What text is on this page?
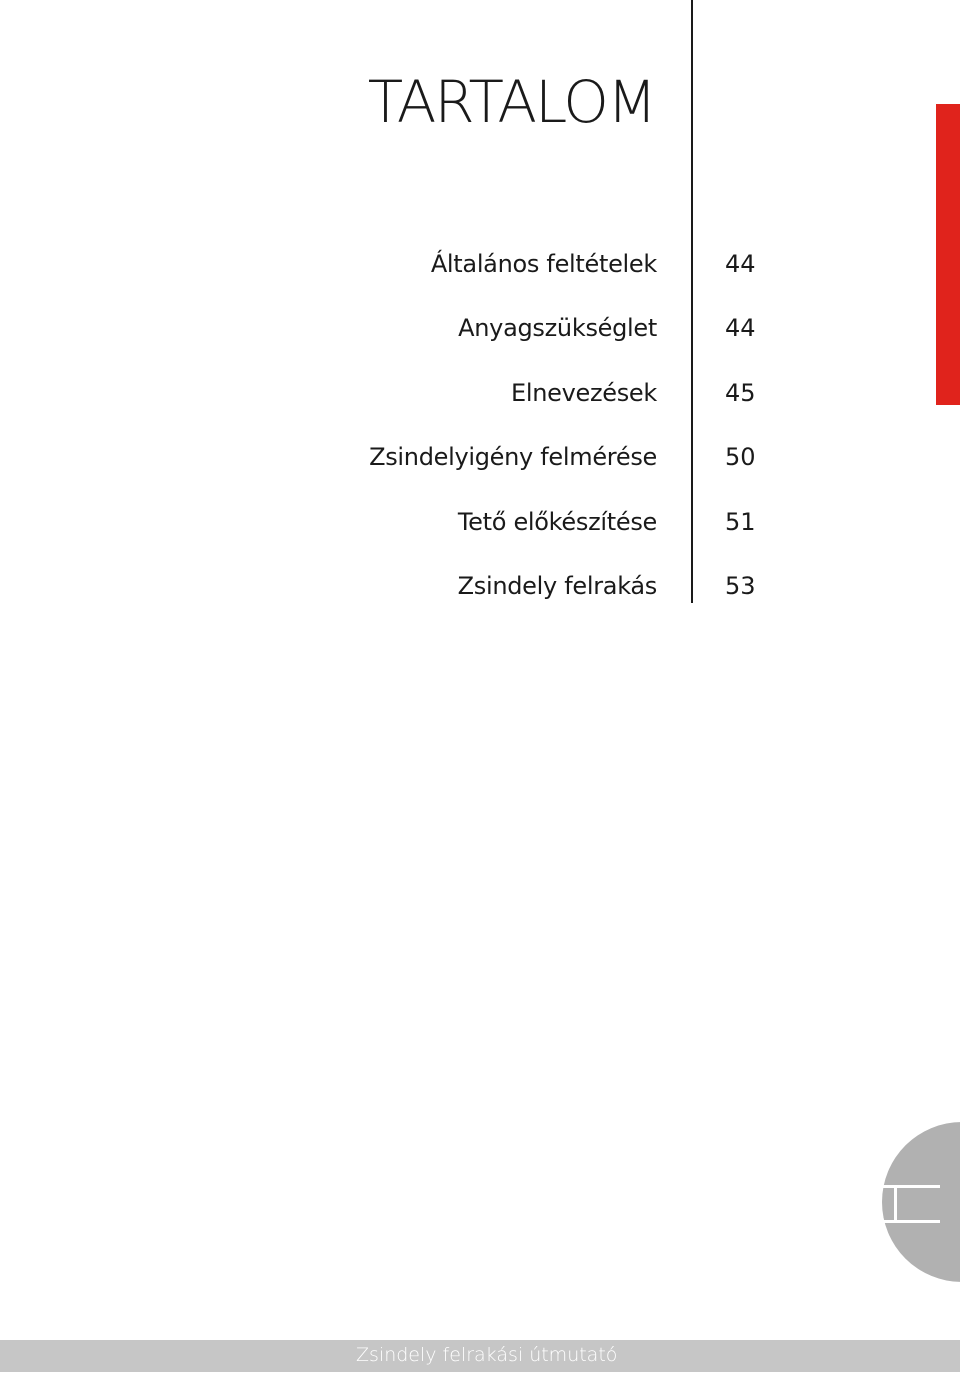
TARTALOM
Általános feltételek	44
Anyagszükséglet	44
Elnevezések	45
Zsindelyigény felmérése	50
Tető előkészítése	51
Zsindely felrakás	53
Zsindely felrakási útmutató
